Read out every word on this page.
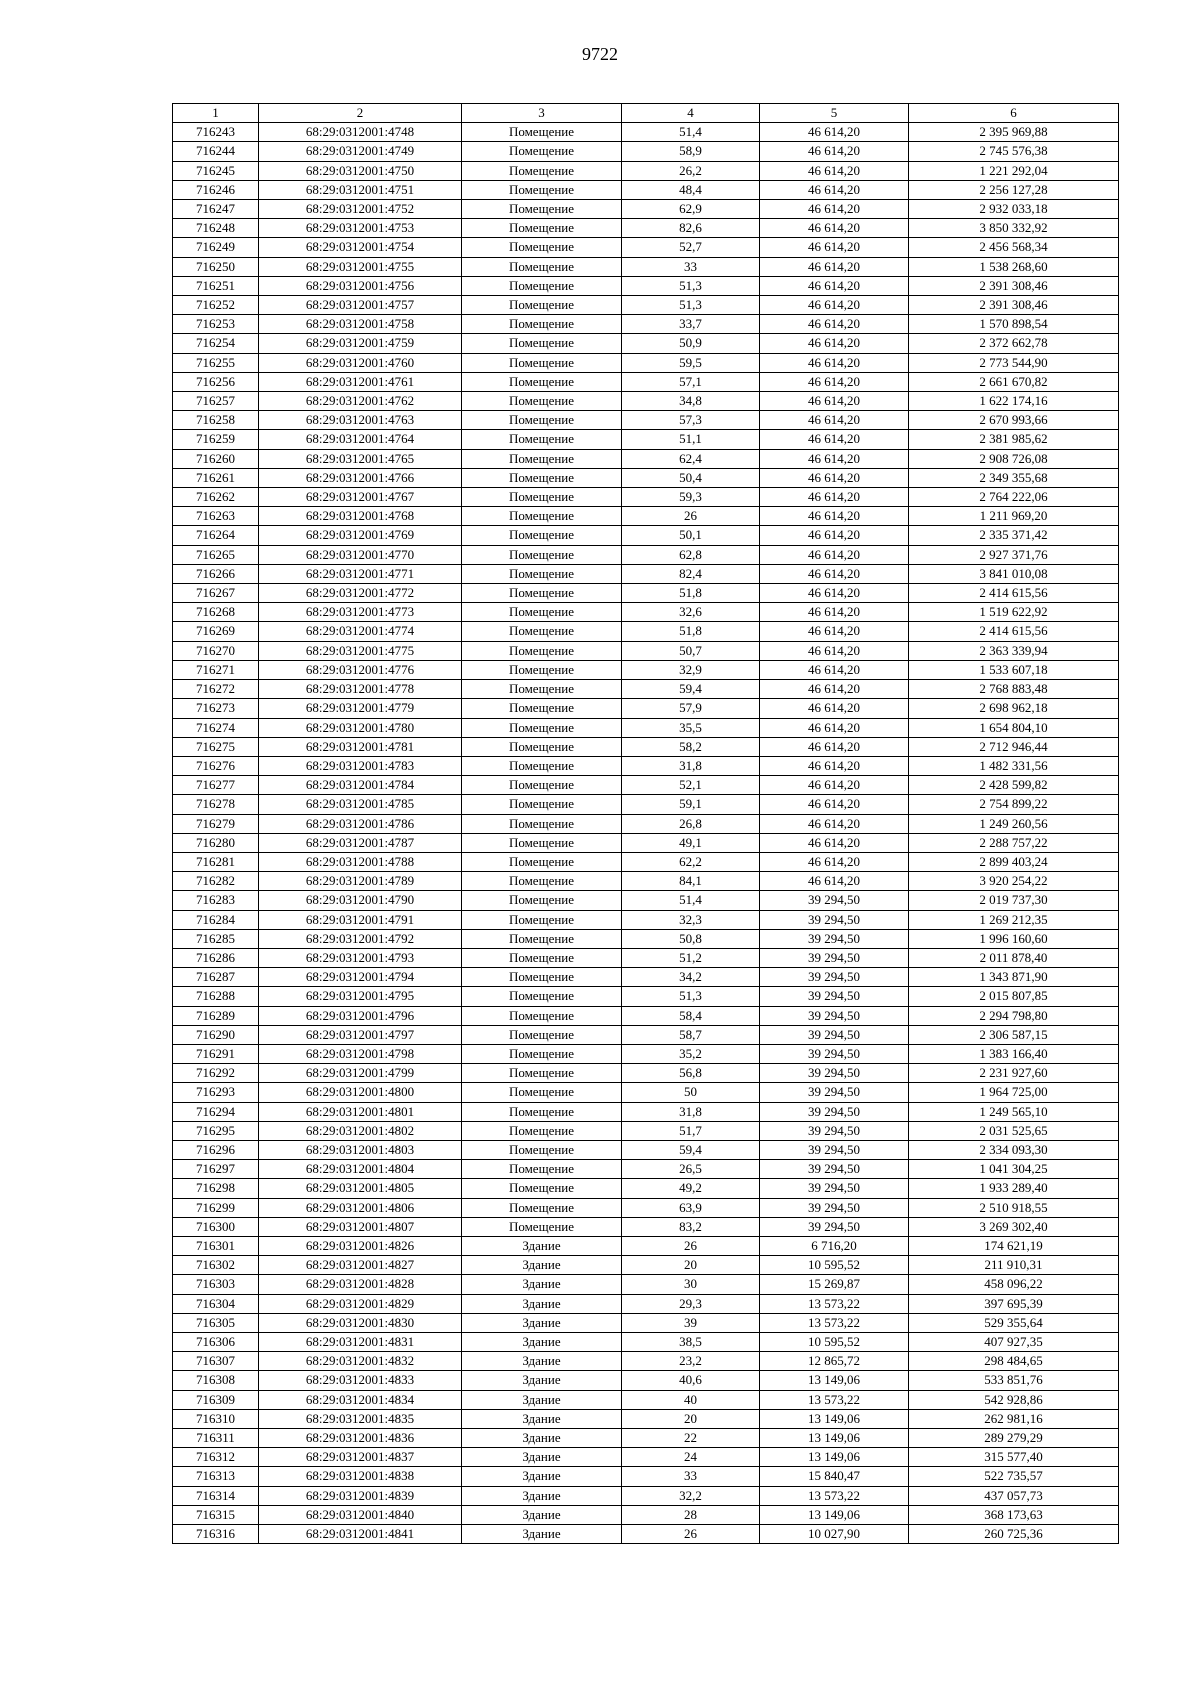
9722
1	2	3	4	5	6
716243	68:29:0312001:4748	Помещение	51,4	46 614,20	2 395 969,88
716244	68:29:0312001:4749	Помещение	58,9	46 614,20	2 745 576,38
716245	68:29:0312001:4750	Помещение	26,2	46 614,20	1 221 292,04
716246	68:29:0312001:4751	Помещение	48,4	46 614,20	2 256 127,28
716247	68:29:0312001:4752	Помещение	62,9	46 614,20	2 932 033,18
716248	68:29:0312001:4753	Помещение	82,6	46 614,20	3 850 332,92
716249	68:29:0312001:4754	Помещение	52,7	46 614,20	2 456 568,34
716250	68:29:0312001:4755	Помещение	33	46 614,20	1 538 268,60
716251	68:29:0312001:4756	Помещение	51,3	46 614,20	2 391 308,46
716252	68:29:0312001:4757	Помещение	51,3	46 614,20	2 391 308,46
716253	68:29:0312001:4758	Помещение	33,7	46 614,20	1 570 898,54
716254	68:29:0312001:4759	Помещение	50,9	46 614,20	2 372 662,78
716255	68:29:0312001:4760	Помещение	59,5	46 614,20	2 773 544,90
716256	68:29:0312001:4761	Помещение	57,1	46 614,20	2 661 670,82
716257	68:29:0312001:4762	Помещение	34,8	46 614,20	1 622 174,16
716258	68:29:0312001:4763	Помещение	57,3	46 614,20	2 670 993,66
716259	68:29:0312001:4764	Помещение	51,1	46 614,20	2 381 985,62
716260	68:29:0312001:4765	Помещение	62,4	46 614,20	2 908 726,08
716261	68:29:0312001:4766	Помещение	50,4	46 614,20	2 349 355,68
716262	68:29:0312001:4767	Помещение	59,3	46 614,20	2 764 222,06
716263	68:29:0312001:4768	Помещение	26	46 614,20	1 211 969,20
716264	68:29:0312001:4769	Помещение	50,1	46 614,20	2 335 371,42
716265	68:29:0312001:4770	Помещение	62,8	46 614,20	2 927 371,76
716266	68:29:0312001:4771	Помещение	82,4	46 614,20	3 841 010,08
716267	68:29:0312001:4772	Помещение	51,8	46 614,20	2 414 615,56
716268	68:29:0312001:4773	Помещение	32,6	46 614,20	1 519 622,92
716269	68:29:0312001:4774	Помещение	51,8	46 614,20	2 414 615,56
716270	68:29:0312001:4775	Помещение	50,7	46 614,20	2 363 339,94
716271	68:29:0312001:4776	Помещение	32,9	46 614,20	1 533 607,18
716272	68:29:0312001:4778	Помещение	59,4	46 614,20	2 768 883,48
716273	68:29:0312001:4779	Помещение	57,9	46 614,20	2 698 962,18
716274	68:29:0312001:4780	Помещение	35,5	46 614,20	1 654 804,10
716275	68:29:0312001:4781	Помещение	58,2	46 614,20	2 712 946,44
716276	68:29:0312001:4783	Помещение	31,8	46 614,20	1 482 331,56
716277	68:29:0312001:4784	Помещение	52,1	46 614,20	2 428 599,82
716278	68:29:0312001:4785	Помещение	59,1	46 614,20	2 754 899,22
716279	68:29:0312001:4786	Помещение	26,8	46 614,20	1 249 260,56
716280	68:29:0312001:4787	Помещение	49,1	46 614,20	2 288 757,22
716281	68:29:0312001:4788	Помещение	62,2	46 614,20	2 899 403,24
716282	68:29:0312001:4789	Помещение	84,1	46 614,20	3 920 254,22
716283	68:29:0312001:4790	Помещение	51,4	39 294,50	2 019 737,30
716284	68:29:0312001:4791	Помещение	32,3	39 294,50	1 269 212,35
716285	68:29:0312001:4792	Помещение	50,8	39 294,50	1 996 160,60
716286	68:29:0312001:4793	Помещение	51,2	39 294,50	2 011 878,40
716287	68:29:0312001:4794	Помещение	34,2	39 294,50	1 343 871,90
716288	68:29:0312001:4795	Помещение	51,3	39 294,50	2 015 807,85
716289	68:29:0312001:4796	Помещение	58,4	39 294,50	2 294 798,80
716290	68:29:0312001:4797	Помещение	58,7	39 294,50	2 306 587,15
716291	68:29:0312001:4798	Помещение	35,2	39 294,50	1 383 166,40
716292	68:29:0312001:4799	Помещение	56,8	39 294,50	2 231 927,60
716293	68:29:0312001:4800	Помещение	50	39 294,50	1 964 725,00
716294	68:29:0312001:4801	Помещение	31,8	39 294,50	1 249 565,10
716295	68:29:0312001:4802	Помещение	51,7	39 294,50	2 031 525,65
716296	68:29:0312001:4803	Помещение	59,4	39 294,50	2 334 093,30
716297	68:29:0312001:4804	Помещение	26,5	39 294,50	1 041 304,25
716298	68:29:0312001:4805	Помещение	49,2	39 294,50	1 933 289,40
716299	68:29:0312001:4806	Помещение	63,9	39 294,50	2 510 918,55
716300	68:29:0312001:4807	Помещение	83,2	39 294,50	3 269 302,40
716301	68:29:0312001:4826	Здание	26	6 716,20	174 621,19
716302	68:29:0312001:4827	Здание	20	10 595,52	211 910,31
716303	68:29:0312001:4828	Здание	30	15 269,87	458 096,22
716304	68:29:0312001:4829	Здание	29,3	13 573,22	397 695,39
716305	68:29:0312001:4830	Здание	39	13 573,22	529 355,64
716306	68:29:0312001:4831	Здание	38,5	10 595,52	407 927,35
716307	68:29:0312001:4832	Здание	23,2	12 865,72	298 484,65
716308	68:29:0312001:4833	Здание	40,6	13 149,06	533 851,76
716309	68:29:0312001:4834	Здание	40	13 573,22	542 928,86
716310	68:29:0312001:4835	Здание	20	13 149,06	262 981,16
716311	68:29:0312001:4836	Здание	22	13 149,06	289 279,29
716312	68:29:0312001:4837	Здание	24	13 149,06	315 577,40
716313	68:29:0312001:4838	Здание	33	15 840,47	522 735,57
716314	68:29:0312001:4839	Здание	32,2	13 573,22	437 057,73
716315	68:29:0312001:4840	Здание	28	13 149,06	368 173,63
716316	68:29:0312001:4841	Здание	26	10 027,90	260 725,36
